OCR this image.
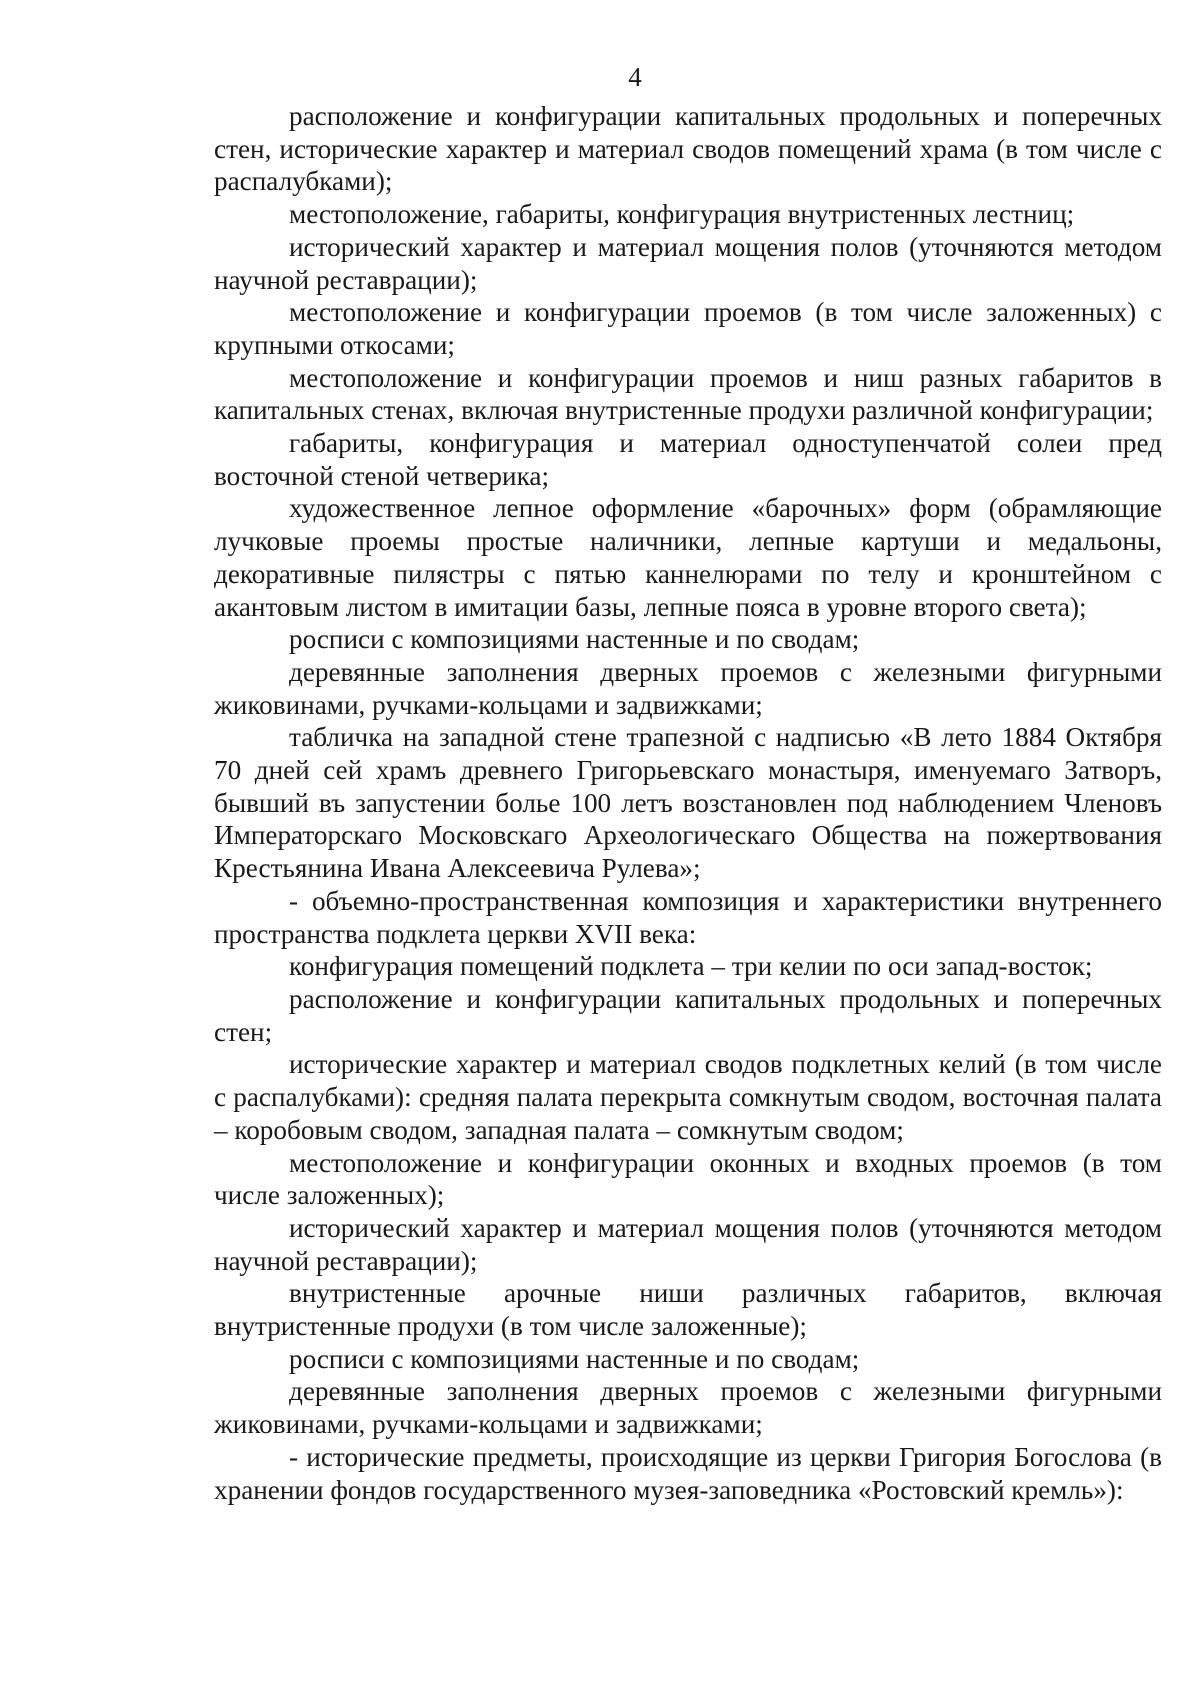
4

расположение и конфигурации капитальных продольных и поперечных стен, исторические характер и материал сводов помещений храма (в том числе с распалубками);

местоположение, габариты, конфигурация внутристенных лестниц;

исторический характер и материал мощения полов (уточняются методом научной реставрации);

местоположение и конфигурации проемов (в том числе заложенных) с крупными откосами;

местоположение и конфигурации проемов и ниш разных габаритов в капитальных стенах, включая внутристенные продухи различной конфигурации;

габариты, конфигурация и материал одноступенчатой солеи пред восточной стеной четверика;

художественное лепное оформление «барочных» форм (обрамляющие лучковые проемы простые наличники, лепные картуши и медальоны, декоративные пилястры с пятью каннелюрами по телу и кронштейном с акантовым листом в имитации базы, лепные пояса в уровне второго света);

росписи с композициями настенные и по сводам;

деревянные заполнения дверных проемов с железными фигурными жиковинами, ручками-кольцами и задвижками;

табличка на западной стене трапезной с надписью «В лето 1884 Октября 70 дней сей храмъ древнего Григорьевскаго монастыря, именуемаго Затворъ, бывший въ запустении болье 100 летъ возстановлен под наблюдением Членовъ Императорскаго Московскаго Археологическаго Общества на пожертвования Крестьянина Ивана Алексеевича Рулева»;

- объемно-пространственная композиция и характеристики внутреннего пространства подклета церкви XVII века:

конфигурация помещений подклета – три келии по оси запад-восток;

расположение и конфигурации капитальных продольных и поперечных стен;

исторические характер и материал сводов подклетных келий (в том числе с распалубками): средняя палата перекрыта сомкнутым сводом, восточная палата – коробовым сводом, западная палата – сомкнутым сводом;

местоположение и конфигурации оконных и входных проемов (в том числе заложенных);

исторический характер и материал мощения полов (уточняются методом научной реставрации);

внутристенные арочные ниши различных габаритов, включая внутристенные продухи (в том числе заложенные);

росписи с композициями настенные и по сводам;

деревянные заполнения дверных проемов с железными фигурными жиковинами, ручками-кольцами и задвижками;

- исторические предметы, происходящие из церкви Григория Богослова (в хранении фондов государственного музея-заповедника «Ростовский кремль»):
